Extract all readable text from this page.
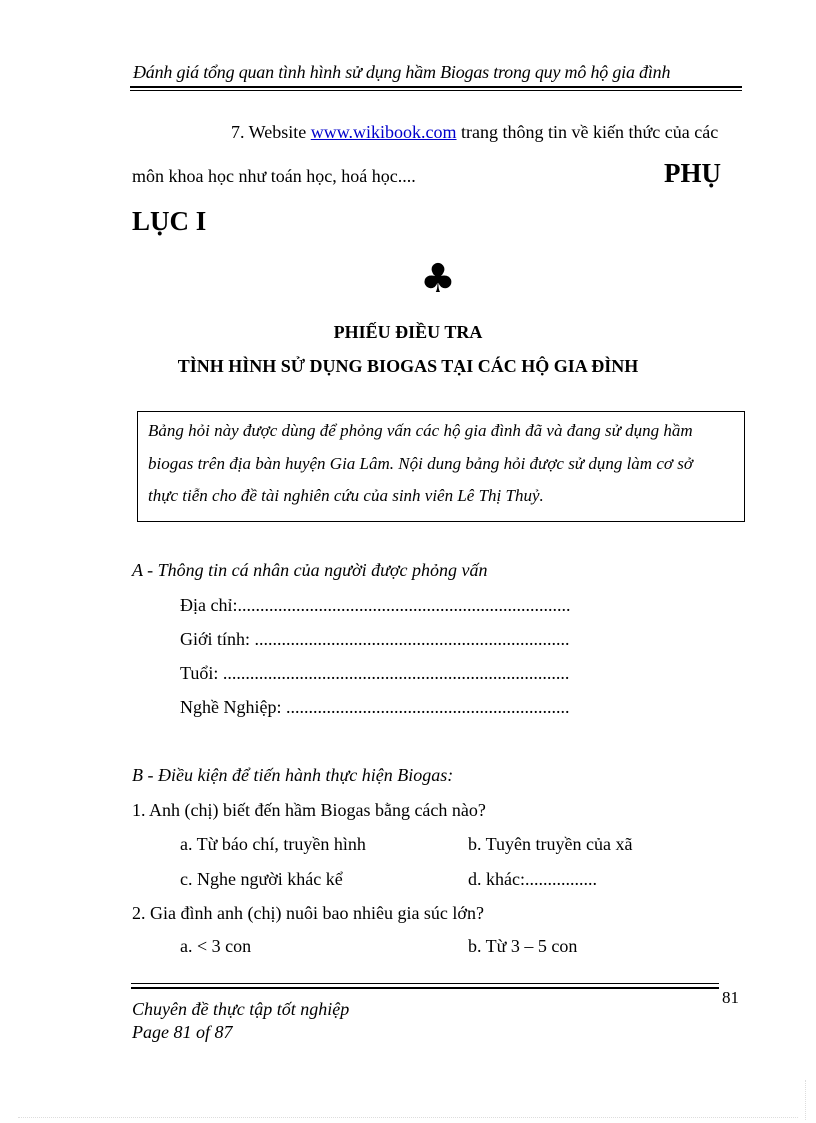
Đánh giá tổng quan tình hình sử dụng hầm Biogas trong quy mô hộ gia đình
7. Website www.wikibook.com trang thông tin về kiến thức của các
môn khoa học như toán học, hoá học....	PHỤ
LỤC I
♣
PHIẾU ĐIỀU TRA
TÌNH HÌNH SỬ DỤNG BIOGAS TẠI CÁC HỘ GIA ĐÌNH
Bảng hỏi này được dùng để phỏng vấn các hộ gia đình đã và đang sử dụng hầm
biogas trên địa bàn huyện Gia Lâm. Nội dung bảng hỏi được sử dụng làm cơ sở
thực tiễn cho đề tài nghiên cứu của sinh viên Lê Thị Thuỷ.
A - Thông tin cá nhân của người được phỏng vấn
Địa chỉ:..........................................................................
Giới tính: ......................................................................
Tuổi: .............................................................................
Nghề Nghiệp: ...............................................................
B - Điều kiện để tiến hành thực hiện Biogas:
1. Anh (chị) biết đến hầm Biogas bằng cách nào?
a. Từ báo chí, truyền hình	b. Tuyên truyền của xã
c. Nghe người khác kể	d. khác:................
2. Gia đình anh (chị) nuôi bao nhiêu gia súc lớn?
a. < 3 con	b. Từ 3 – 5 con
81
Chuyên đề thực tập tốt nghiệp
Page 81 of 87
